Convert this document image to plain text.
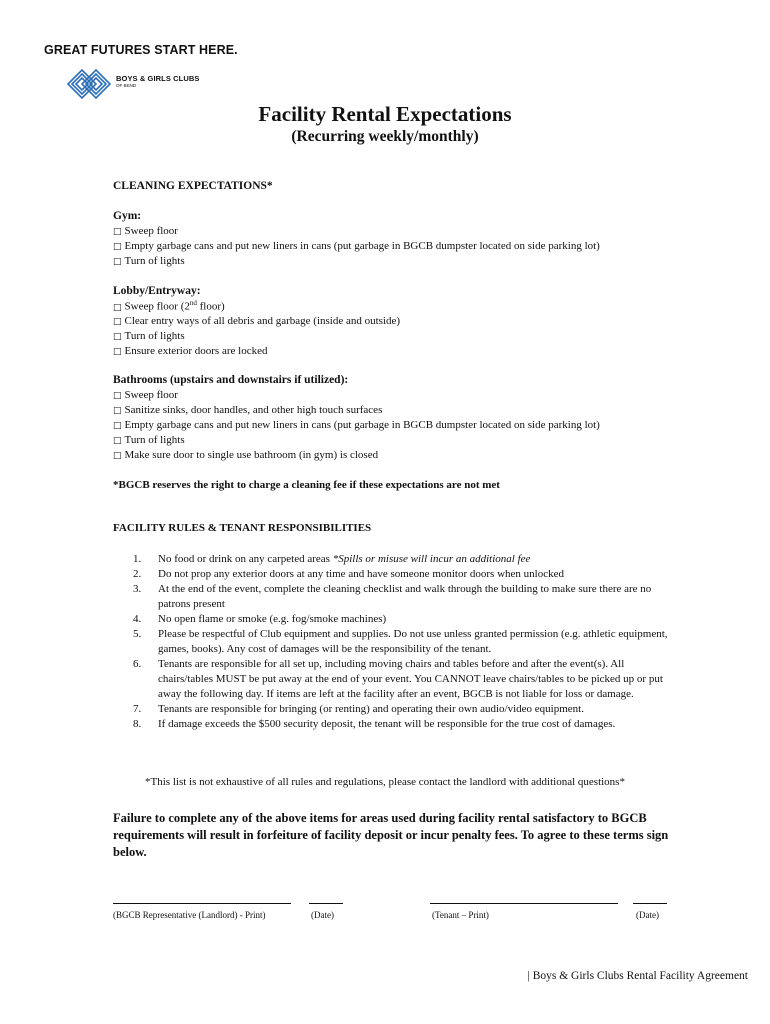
GREAT FUTURES START HERE.
BOYS & GIRLS CLUBS
OF BEND
Facility Rental Expectations
(Recurring weekly/monthly)
CLEANING EXPECTATIONS*
Gym:
□ Sweep floor
□ Empty garbage cans and put new liners in cans (put garbage in BGCB dumpster located on side parking lot)
□ Turn of lights
Lobby/Entryway:
□ Sweep floor (2nd floor)
□ Clear entry ways of all debris and garbage (inside and outside)
□ Turn of lights
□ Ensure exterior doors are locked
Bathrooms (upstairs and downstairs if utilized):
□ Sweep floor
□ Sanitize sinks, door handles, and other high touch surfaces
□ Empty garbage cans and put new liners in cans (put garbage in BGCB dumpster located on side parking lot)
□ Turn of lights
□ Make sure door to single use bathroom (in gym) is closed
*BGCB reserves the right to charge a cleaning fee if these expectations are not met
FACILITY RULES & TENANT RESPONSIBILITIES
1. No food or drink on any carpeted areas *Spills or misuse will incur an additional fee
2. Do not prop any exterior doors at any time and have someone monitor doors when unlocked
3. At the end of the event, complete the cleaning checklist and walk through the building to make sure there are no patrons present
4. No open flame or smoke (e.g. fog/smoke machines)
5. Please be respectful of Club equipment and supplies. Do not use unless granted permission (e.g. athletic equipment, games, books). Any cost of damages will be the responsibility of the tenant.
6. Tenants are responsible for all set up, including moving chairs and tables before and after the event(s). All chairs/tables MUST be put away at the end of your event. You CANNOT leave chairs/tables to be picked up or put away the following day. If items are left at the facility after an event, BGCB is not liable for loss or damage.
7. Tenants are responsible for bringing (or renting) and operating their own audio/video equipment.
8. If damage exceeds the $500 security deposit, the tenant will be responsible for the true cost of damages.
*This list is not exhaustive of all rules and regulations, please contact the landlord with additional questions*
Failure to complete any of the above items for areas used during facility rental satisfactory to BGCB requirements will result in forfeiture of facility deposit or incur penalty fees. To agree to these terms sign below.
(BGCB Representative (Landlord) - Print)	(Date)	(Tenant – Print)	(Date)
| Boys & Girls Clubs Rental Facility Agreement
